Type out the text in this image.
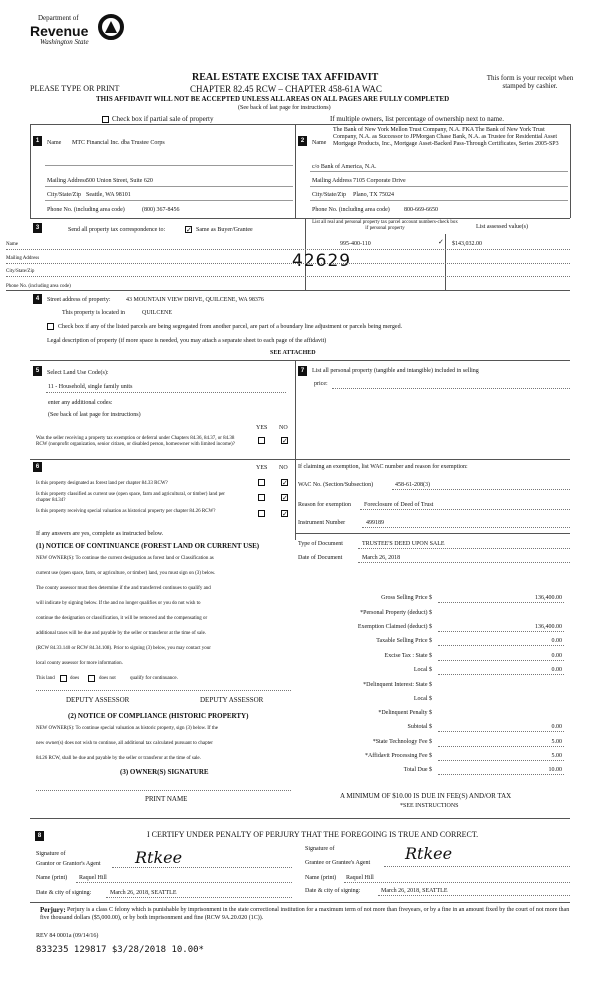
Department of
Revenue
Washington State
PLEASE TYPE OR PRINT
REAL ESTATE EXCISE TAX AFFIDAVIT
CHAPTER 82.45 RCW – CHAPTER 458-61A WAC
This form is your receipt when stamped by cashier.
THIS AFFIDAVIT WILL NOT BE ACCEPTED UNLESS ALL AREAS ON ALL PAGES ARE FULLY COMPLETED
(See back of last page for instructions)
Check box if partial sale of property	If multiple owners, list percentage of ownership next to name.
1	2
Name MTC Financial Inc. dba Trustee Corps
Mailing Address 500 Union Street, Suite 620
City/State/Zip Seattle, WA 98101
Phone No. (including area code)	(800) 367-8456
Name
The Bank of New York Mellon Trust Company, N.A. FKA The Bank of New York Trust Company, N.A. as Successor to JPMorgan Chase Bank, N.A. as Trustee for Residential Asset Mortgage Products, Inc., Mortgage Asset-Backed Pass-Through Certificates, Series 2005-SP3
c/o Bank of America, N.A.
Mailing Address 7105 Corporate Drive
City/State/Zip Plano, TX 75024
Phone No. (including area code) 800-669-6650
3	Send all property tax correspondence to:	✓ Same as Buyer/Grantee
List all real and personal property tax parcel account numbers-check box if personal property	List assessed value(s)
995-400-110	✓ $143,032.00
42629
Name
Mailing Address
City/State/Zip
Phone No. (including area code)
4	Street address of property:	43 MOUNTAIN VIEW DRIVE, QUILCENE, WA 98376
This property is located in	QUILCENE
Check box if any of the listed parcels are being segregated from another parcel, are part of a boundary line adjustment or parcels being merged.
Legal description of property (if more space is needed, you may attach a separate sheet to each page of the affidavit)
SEE ATTACHED
5	Select Land Use Code(s):
11 - Household, single family units
enter any additional codes:
(See back of last page for instructions)
YES NO
Was the seller receiving a property tax exemption or deferral under Chapters 84.36, 84.37, or 84.38 RCW (nonprofit organization, senior citizen, or disabled person, homeowner with limited income)?	✓
7	List all personal property (tangible and intangible) included in selling
price:
6	YES NO
Is this property designated as forest land per chapter 84.33 RCW?	✓
Is this property classified as current use (open space, farm and agricultural, or timber) land per chapter 84.34?	✓
Is this property receiving special valuation as historical property per chapter 84.26 RCW?	✓
If any answers are yes, complete as instructed below.
(1) NOTICE OF CONTINUANCE (FOREST LAND OR CURRENT USE)
NEW OWNER(S): To continue the current designation as forest land or Classification as
current use (open space, farm, or agriculture, or timber) land, you must sign on (3) below.
The county assessor must then determine if the and transferred continues to qualify and
will indicate by signing below. If the and no longer qualifies or you do not wish to
continue the designation or classification, it will be removed and the compensating or
additional taxes will be due and payable by the seller or transferor at the time of sale.
(RCW 84.33.140 or RCW 84.34.108). Prior to signing (3) below, you may contact your
local county assessor for more information.
This land	does	does not	qualify for continuance.
DEPUTY ASSESSOR	DEPUTY ASSESSOR
(2) NOTICE OF COMPLIANCE (HISTORIC PROPERTY)
NEW OWNER(S): To continue special valuation as historic property, sign (3) below. If the
new owner(s) does not wish to continue, all additional tax calculated pursuant to chapter
84.26 RCW, shall be due and payable by the seller or transferor at the time of sale.
(3) OWNER(S) SIGNATURE
PRINT NAME
If claiming an exemption, list WAC number and reason for exemption:
WAC No. (Section/Subsection)	458-61-208(3)
Reason for exemption Foreclosure of Deed of Trust
Instrument Number	499189
Type of Document	TRUSTEE'S DEED UPON SALE
Date of Document	March 26, 2018
Gross Selling Price $	136,400.00
*Personal Property (deduct) $
Exemption Claimed (deduct) $	136,400.00
Taxable Selling Price $	0.00
Excise Tax : State $	0.00
Local $	0.00
*Delinquent Interest: State $
Local $
*Delinquent Penalty $
Subtotal $	0.00
*State Technology Fee $	5.00
*Affidavit Processing Fee $	5.00
Total Due $	10.00
A MINIMUM OF $10.00 IS DUE IN FEE(S) AND/OR TAX
*SEE INSTRUCTIONS
8	I CERTIFY UNDER PENALTY OF PERJURY THAT THE FOREGOING IS TRUE AND CORRECT.
Signature of
Grantor or Grantor's Agent Rtkee	Signature of
Grantee or Grantee's Agent Rtkee
Name (print) Raquel Hill	Name (print) Raquel Hill
Date & city of signing:	March 26, 2018, SEATTLE	Date & city of signing:	March 26, 2018, SEATTLE
Perjury: Perjury is a class C felony which is punishable by imprisonment in the state correctional institution for a maximum term of not more than fiveyears, or by a fine in an amount fixed by the court of not more than five thousand dollars ($5,000.00), or by both imprisonment and fine (RCW 9A.20.020 (1C)).
REV 84 0001a (09/14/16)
833235 129817 $3/28/2018 10.00*
